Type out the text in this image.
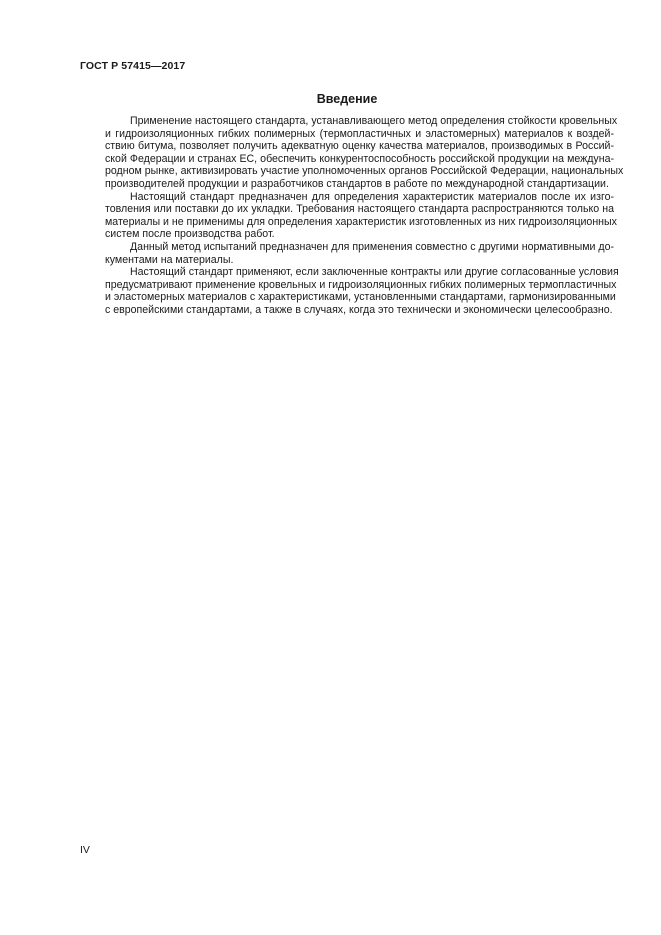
ГОСТ Р 57415—2017
Введение
Применение настоящего стандарта, устанавливающего метод определения стойкости кровельных
и гидроизоляционных гибких полимерных (термопластичных и эластомерных) материалов к воздей-
ствию битума, позволяет получить адекватную оценку качества материалов, производимых в Россий-
ской Федерации и странах ЕС, обеспечить конкурентоспособность российской продукции на междуна-
родном рынке, активизировать участие уполномоченных органов Российской Федерации, национальных
производителей продукции и разработчиков стандартов в работе по международной стандартизации.
Настоящий стандарт предназначен для определения характеристик материалов после их изго-
товления или поставки до их укладки. Требования настоящего стандарта распространяются только на
материалы и не применимы для определения характеристик изготовленных из них гидроизоляционных
систем после производства работ.
Данный метод испытаний предназначен для применения совместно с другими нормативными до-
кументами на материалы.
Настоящий стандарт применяют, если заключенные контракты или другие согласованные условия
предусматривают применение кровельных и гидроизоляционных гибких полимерных термопластичных
и эластомерных материалов с характеристиками, установленными стандартами, гармонизированными
с европейскими стандартами, а также в случаях, когда это технически и экономически целесообразно.
IV
